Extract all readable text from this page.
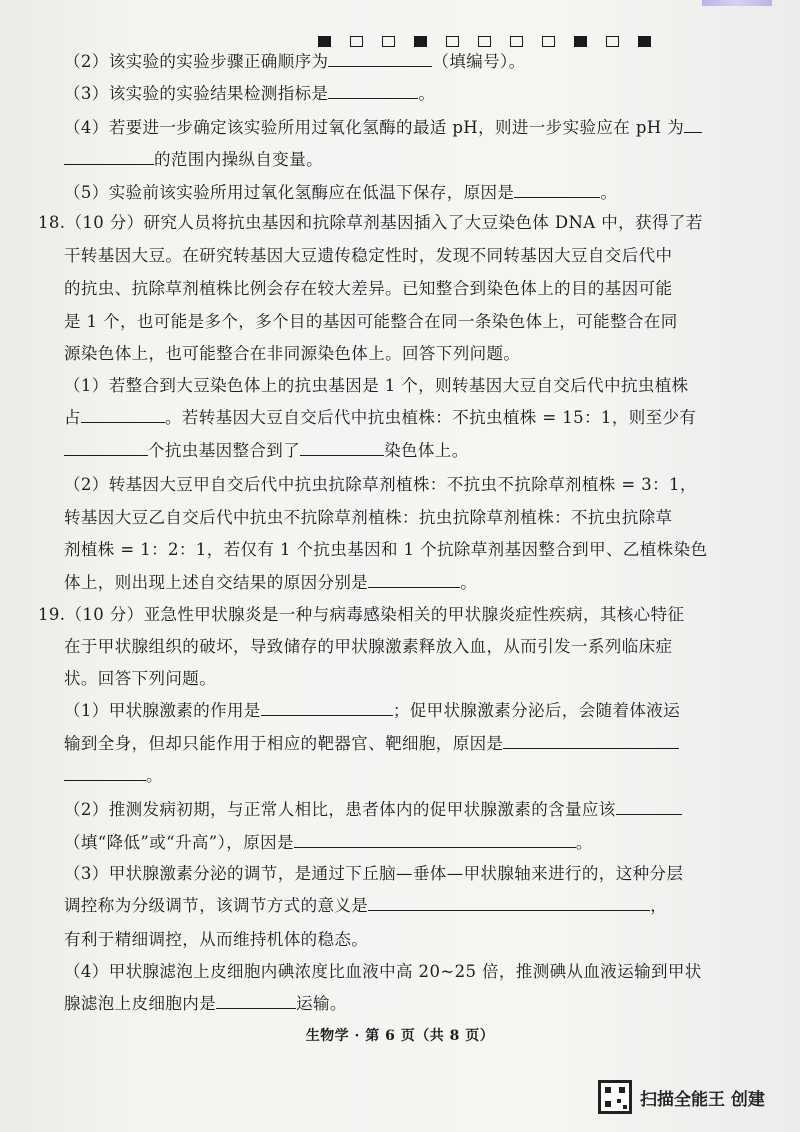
（2）该实验的实验步骤正确顺序为	（填编号）。
（3）该实验的实验结果检测指标是	。
（4）若要进一步确定该实验所用过氧化氢酶的最适 pH，则进一步实验应在 pH 为
的范围内操纵自变量。
（5）实验前该实验所用过氧化氢酶应在低温下保存，原因是	。
18.（10 分）研究人员将抗虫基因和抗除草剂基因插入了大豆染色体 DNA 中，获得了若
干转基因大豆。在研究转基因大豆遗传稳定性时，发现不同转基因大豆自交后代中
的抗虫、抗除草剂植株比例会存在较大差异。已知整合到染色体上的目的基因可能
是 1 个，也可能是多个，多个目的基因可能整合在同一条染色体上，可能整合在同
源染色体上，也可能整合在非同源染色体上。回答下列问题。
（1）若整合到大豆染色体上的抗虫基因是 1 个，则转基因大豆自交后代中抗虫植株
占	。若转基因大豆自交后代中抗虫植株：不抗虫植株 = 15：1，则至少有
个抗虫基因整合到了	染色体上。
（2）转基因大豆甲自交后代中抗虫抗除草剂植株：不抗虫不抗除草剂植株 = 3：1，
转基因大豆乙自交后代中抗虫不抗除草剂植株：抗虫抗除草剂植株：不抗虫抗除草
剂植株 = 1：2：1，若仅有 1 个抗虫基因和 1 个抗除草剂基因整合到甲、乙植株染色
体上，则出现上述自交结果的原因分别是	。
19.（10 分）亚急性甲状腺炎是一种与病毒感染相关的甲状腺炎症性疾病，其核心特征
在于甲状腺组织的破坏，导致储存的甲状腺激素释放入血，从而引发一系列临床症
状。回答下列问题。
（1）甲状腺激素的作用是	；促甲状腺激素分泌后，会随着体液运
输到全身，但却只能作用于相应的靶器官、靶细胞，原因是
。
（2）推测发病初期，与正常人相比，患者体内的促甲状腺激素的含量应该
（填“降低”或“升高”），原因是	。
（3）甲状腺激素分泌的调节，是通过下丘脑—垂体—甲状腺轴来进行的，这种分层
调控称为分级调节，该调节方式的意义是	，
有利于精细调控，从而维持机体的稳态。
（4）甲状腺滤泡上皮细胞内碘浓度比血液中高 20~25 倍，推测碘从血液运输到甲状
腺滤泡上皮细胞内是	运输。
生物学 · 第 6 页（共 8 页）
扫描全能王 创建
